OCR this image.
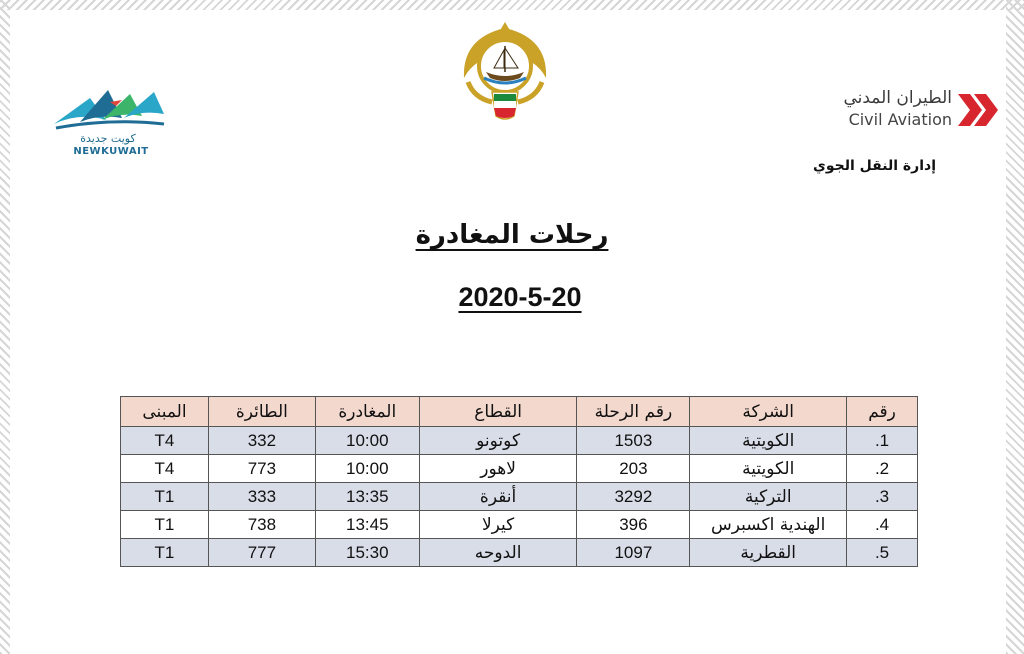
كويت جديدة
NEWKUWAIT
الطيران المدني
Civil Aviation
إدارة النقل الجوي
رحلات المغادرة
2020-5-20
رقم	الشركة	رقم الرحلة	القطاع	المغادرة	الطائرة	المبنى
1.	الكويتية	1503	كوتونو	10:00	332	T4
2.	الكويتية	203	لاهور	10:00	773	T4
3.	التركية	3292	أنقرة	13:35	333	T1
4.	الهندية اكسبرس	396	كيرلا	13:45	738	T1
5.	القطرية	1097	الدوحه	15:30	777	T1
